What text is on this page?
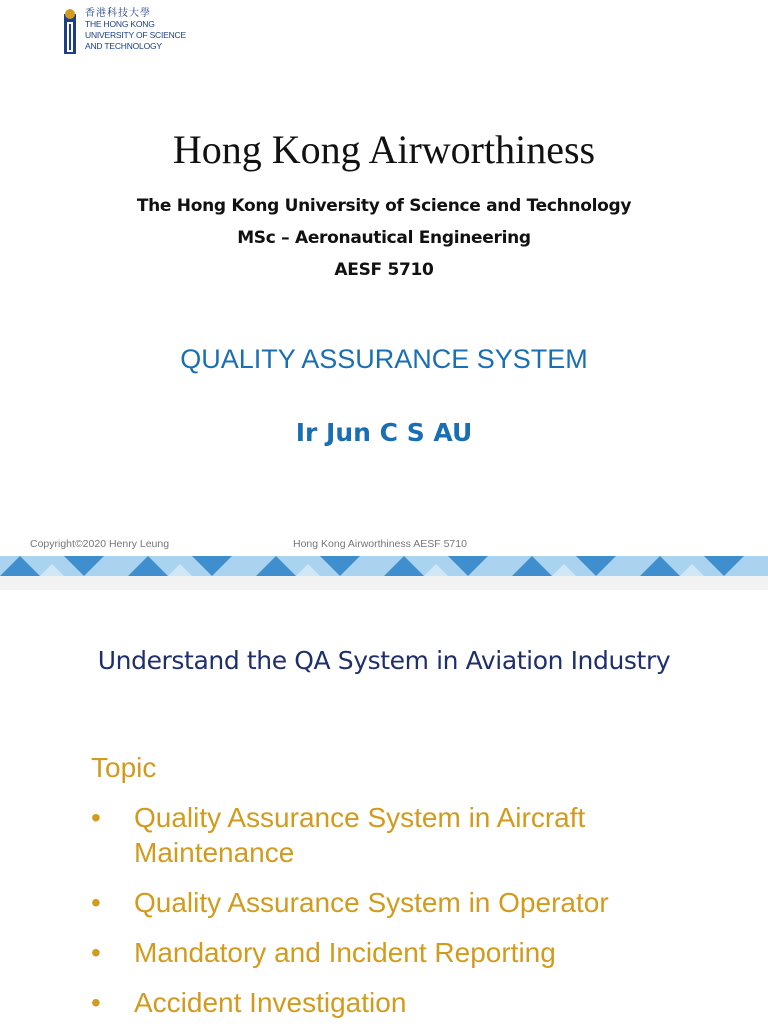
香港科技大學
THE HONG KONG
UNIVERSITY OF SCIENCE
AND TECHNOLOGY
Hong Kong Airworthiness
The Hong Kong University of Science and Technology
MSc – Aeronautical Engineering
AESF 5710
QUALITY ASSURANCE SYSTEM
Ir Jun C S AU
Copyright©2020 Henry Leung	Hong Kong Airworthiness AESF 5710
Understand the QA System in Aviation Industry
Topic
• Quality Assurance System in Aircraft Maintenance
• Quality Assurance System in Operator
• Mandatory and Incident Reporting
• Accident Investigation
